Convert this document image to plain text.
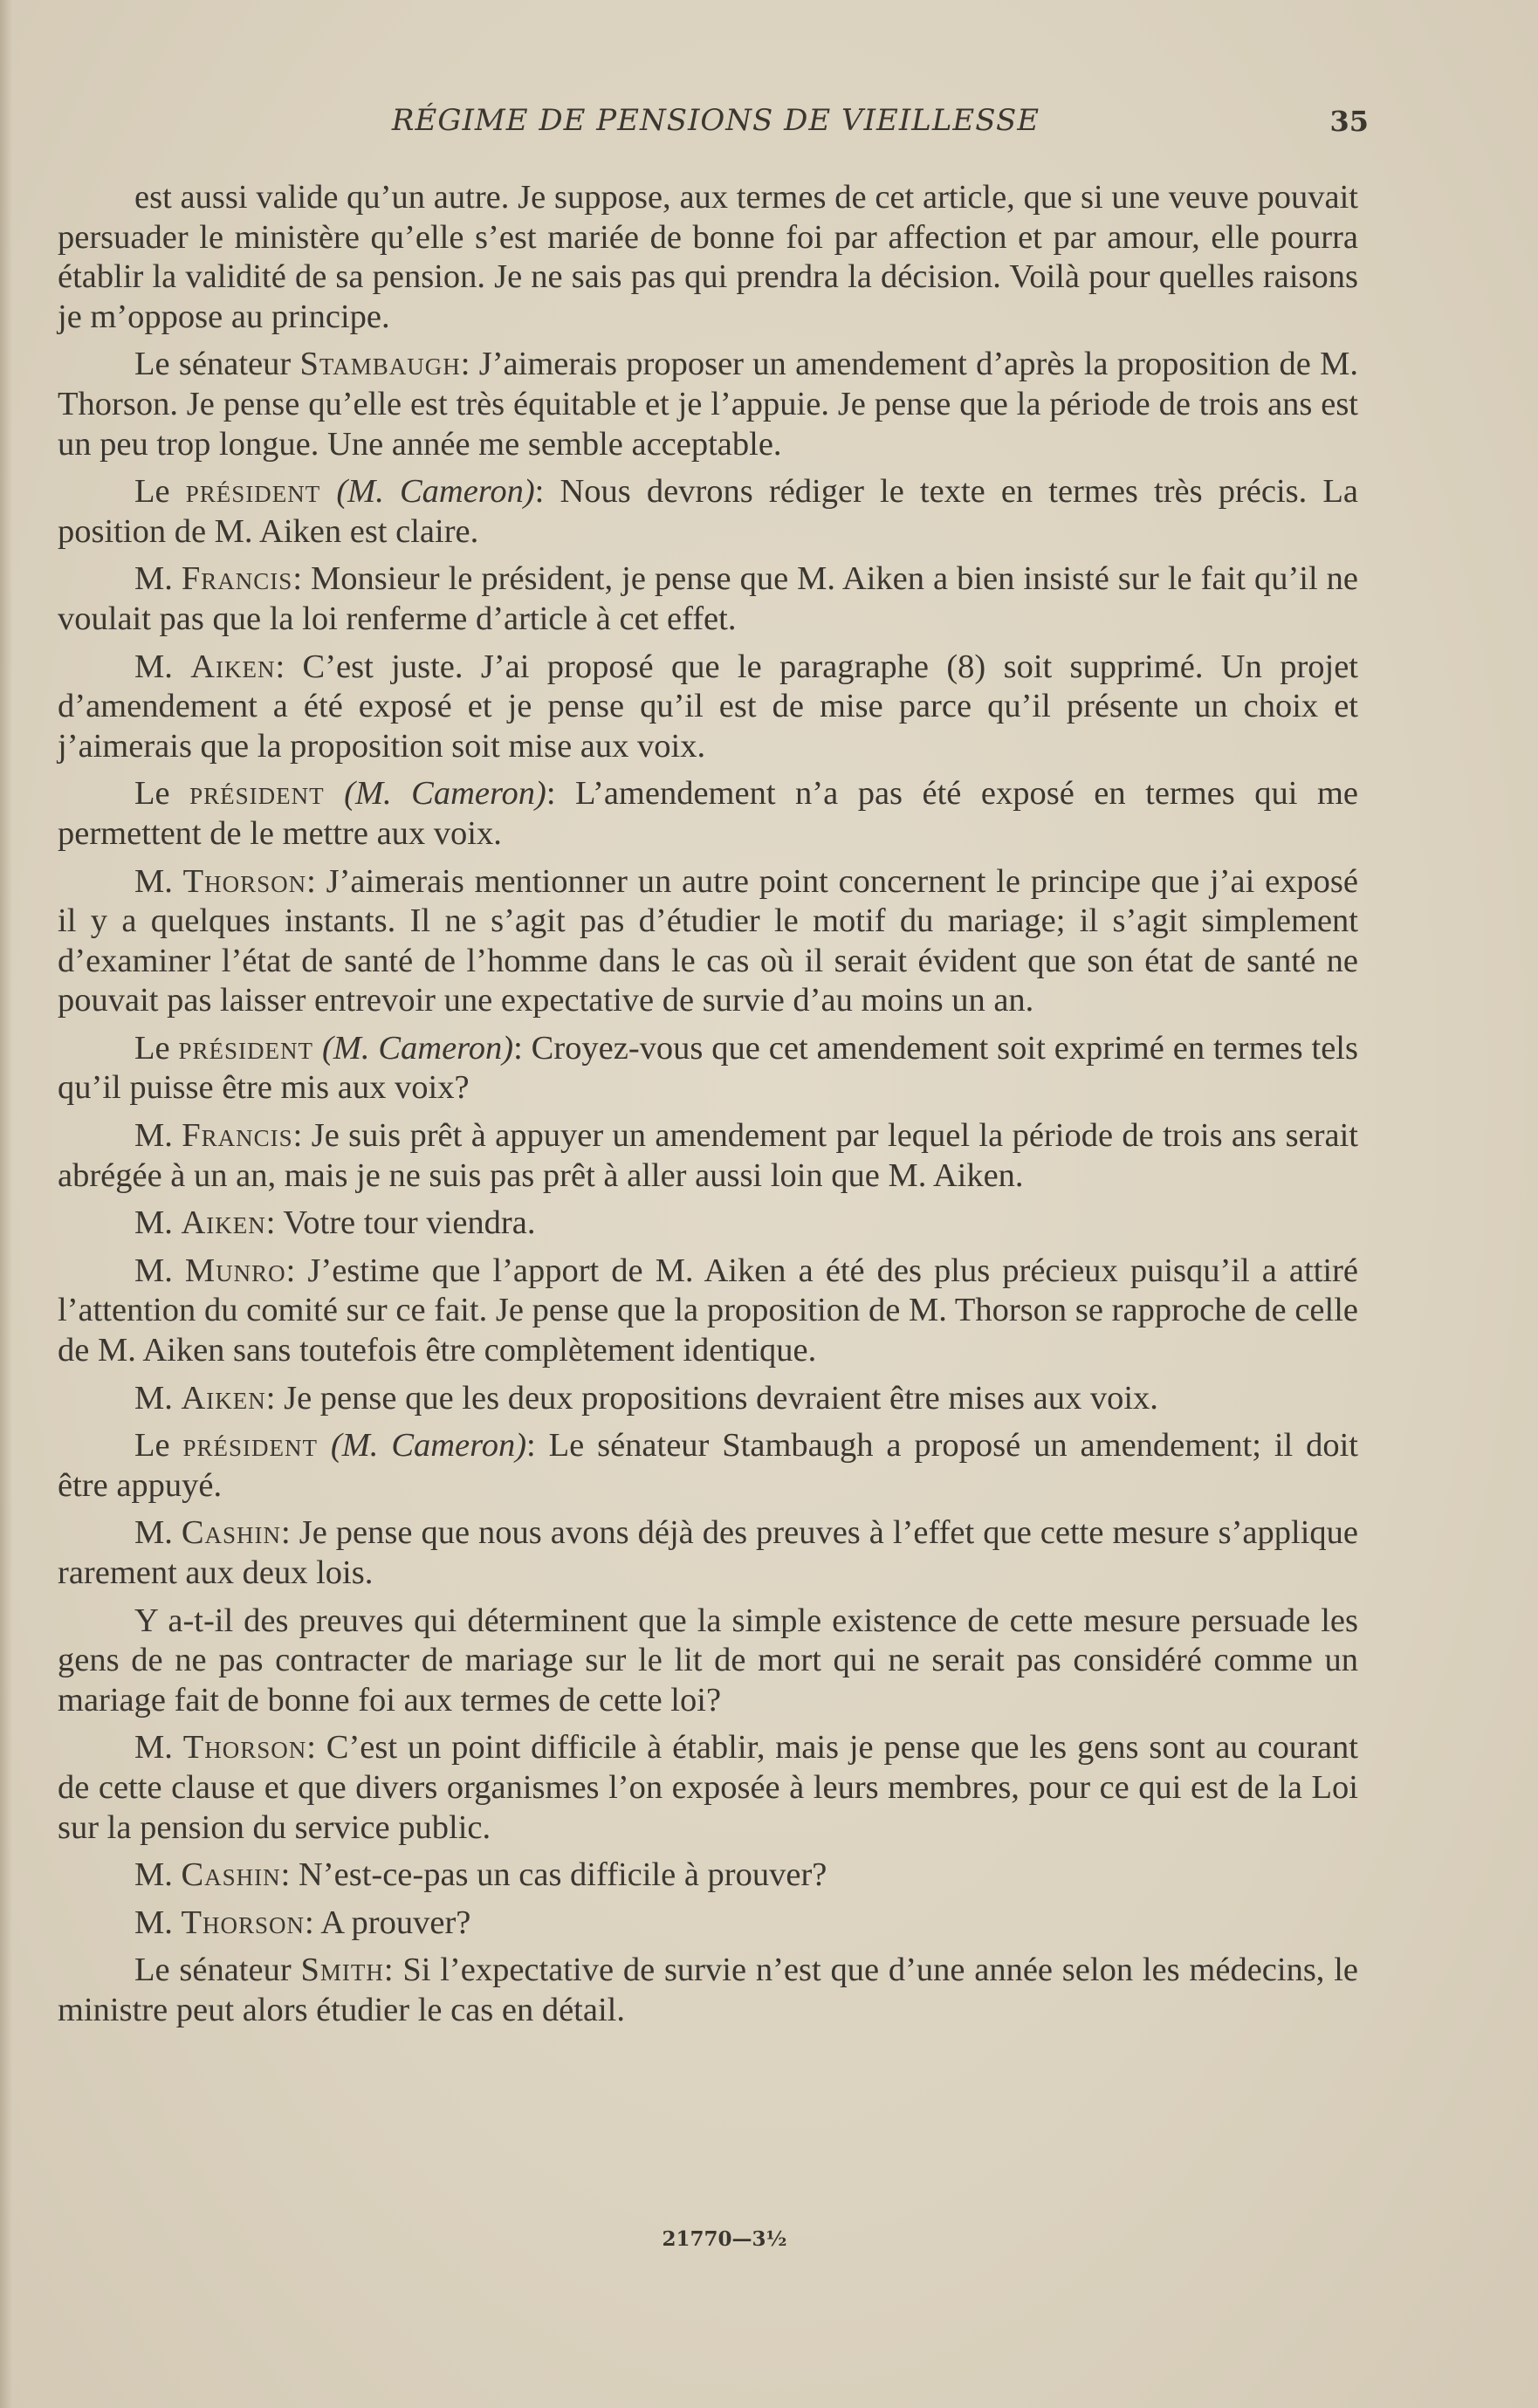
RÉGIME DE PENSIONS DE VIEILLESSE	35

est aussi valide qu’un autre. Je suppose, aux termes de cet article, que si une veuve pouvait persuader le ministère qu’elle s’est mariée de bonne foi par affection et par amour, elle pourra établir la validité de sa pension. Je ne sais pas qui prendra la décision. Voilà pour quelles raisons je m’oppose au principe.

Le sénateur Stambaugh: J’aimerais proposer un amendement d’après la proposition de M. Thorson. Je pense qu’elle est très équitable et je l’appuie. Je pense que la période de trois ans est un peu trop longue. Une année me semble acceptable.

Le président (M. Cameron): Nous devrons rédiger le texte en termes très précis. La position de M. Aiken est claire.

M. Francis: Monsieur le président, je pense que M. Aiken a bien insisté sur le fait qu’il ne voulait pas que la loi renferme d’article à cet effet.

M. Aiken: C’est juste. J’ai proposé que le paragraphe (8) soit supprimé. Un projet d’amendement a été exposé et je pense qu’il est de mise parce qu’il présente un choix et j’aimerais que la proposition soit mise aux voix.

Le président (M. Cameron): L’amendement n’a pas été exposé en termes qui me permettent de le mettre aux voix.

M. Thorson: J’aimerais mentionner un autre point concernent le principe que j’ai exposé il y a quelques instants. Il ne s’agit pas d’étudier le motif du mariage; il s’agit simplement d’examiner l’état de santé de l’homme dans le cas où il serait évident que son état de santé ne pouvait pas laisser entrevoir une expectative de survie d’au moins un an.

Le président (M. Cameron): Croyez-vous que cet amendement soit exprimé en termes tels qu’il puisse être mis aux voix?

M. Francis: Je suis prêt à appuyer un amendement par lequel la période de trois ans serait abrégée à un an, mais je ne suis pas prêt à aller aussi loin que M. Aiken.

M. Aiken: Votre tour viendra.

M. Munro: J’estime que l’apport de M. Aiken a été des plus précieux puisqu’il a attiré l’attention du comité sur ce fait. Je pense que la proposition de M. Thorson se rapproche de celle de M. Aiken sans toutefois être complètement identique.

M. Aiken: Je pense que les deux propositions devraient être mises aux voix.

Le président (M. Cameron): Le sénateur Stambaugh a proposé un amendement; il doit être appuyé.

M. Cashin: Je pense que nous avons déjà des preuves à l’effet que cette mesure s’applique rarement aux deux lois.

Y a-t-il des preuves qui déterminent que la simple existence de cette mesure persuade les gens de ne pas contracter de mariage sur le lit de mort qui ne serait pas considéré comme un mariage fait de bonne foi aux termes de cette loi?

M. Thorson: C’est un point difficile à établir, mais je pense que les gens sont au courant de cette clause et que divers organismes l’on exposée à leurs membres, pour ce qui est de la Loi sur la pension du service public.

M. Cashin: N’est-ce-pas un cas difficile à prouver?

M. Thorson: A prouver?

Le sénateur Smith: Si l’expectative de survie n’est que d’une année selon les médecins, le ministre peut alors étudier le cas en détail.

21770—3½
